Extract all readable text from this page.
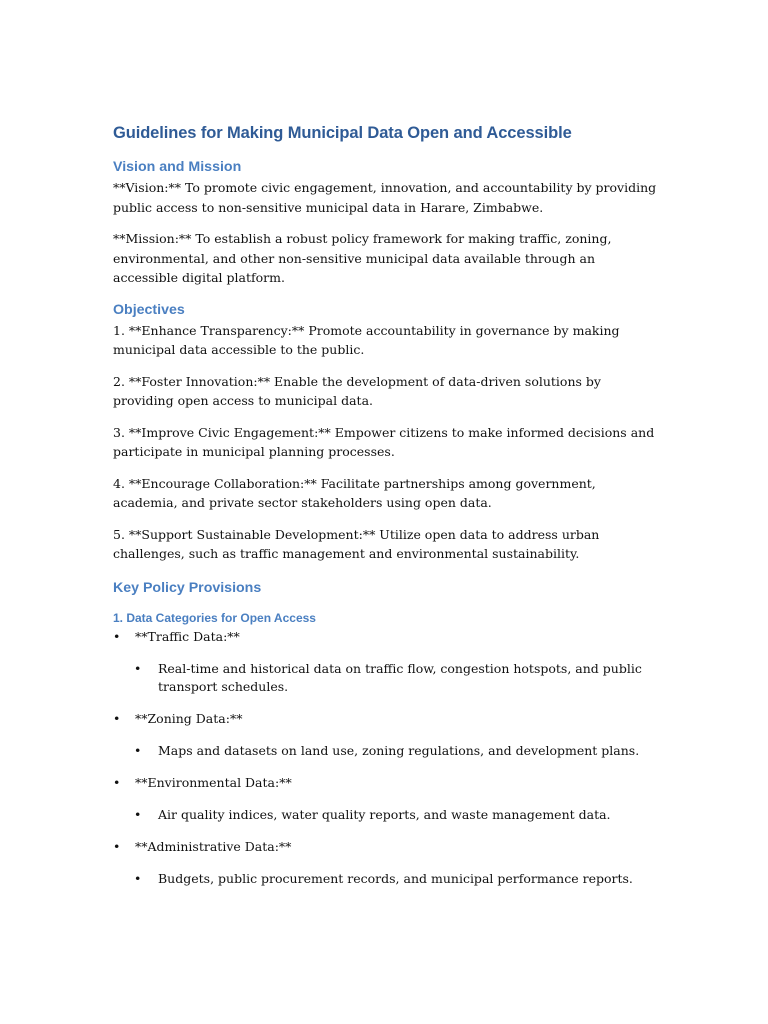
Guidelines for Making Municipal Data Open and Accessible
Vision and Mission

**Vision:** To promote civic engagement, innovation, and accountability by providing public access to non-sensitive municipal data in Harare, Zimbabwe.

**Mission:** To establish a robust policy framework for making traffic, zoning, environmental, and other non-sensitive municipal data available through an accessible digital platform.

Objectives

1. **Enhance Transparency:** Promote accountability in governance by making municipal data accessible to the public.

2. **Foster Innovation:** Enable the development of data-driven solutions by providing open access to municipal data.

3. **Improve Civic Engagement:** Empower citizens to make informed decisions and participate in municipal planning processes.

4. **Encourage Collaboration:** Facilitate partnerships among government, academia, and private sector stakeholders using open data.

5. **Support Sustainable Development:** Utilize open data to address urban challenges, such as traffic management and environmental sustainability.

Key Policy Provisions
1. Data Categories for Open Access
• **Traffic Data:**
• Real-time and historical data on traffic flow, congestion hotspots, and public transport schedules.
• **Zoning Data:**
• Maps and datasets on land use, zoning regulations, and development plans.
• **Environmental Data:**
• Air quality indices, water quality reports, and waste management data.
• **Administrative Data:**
• Budgets, public procurement records, and municipal performance reports.
